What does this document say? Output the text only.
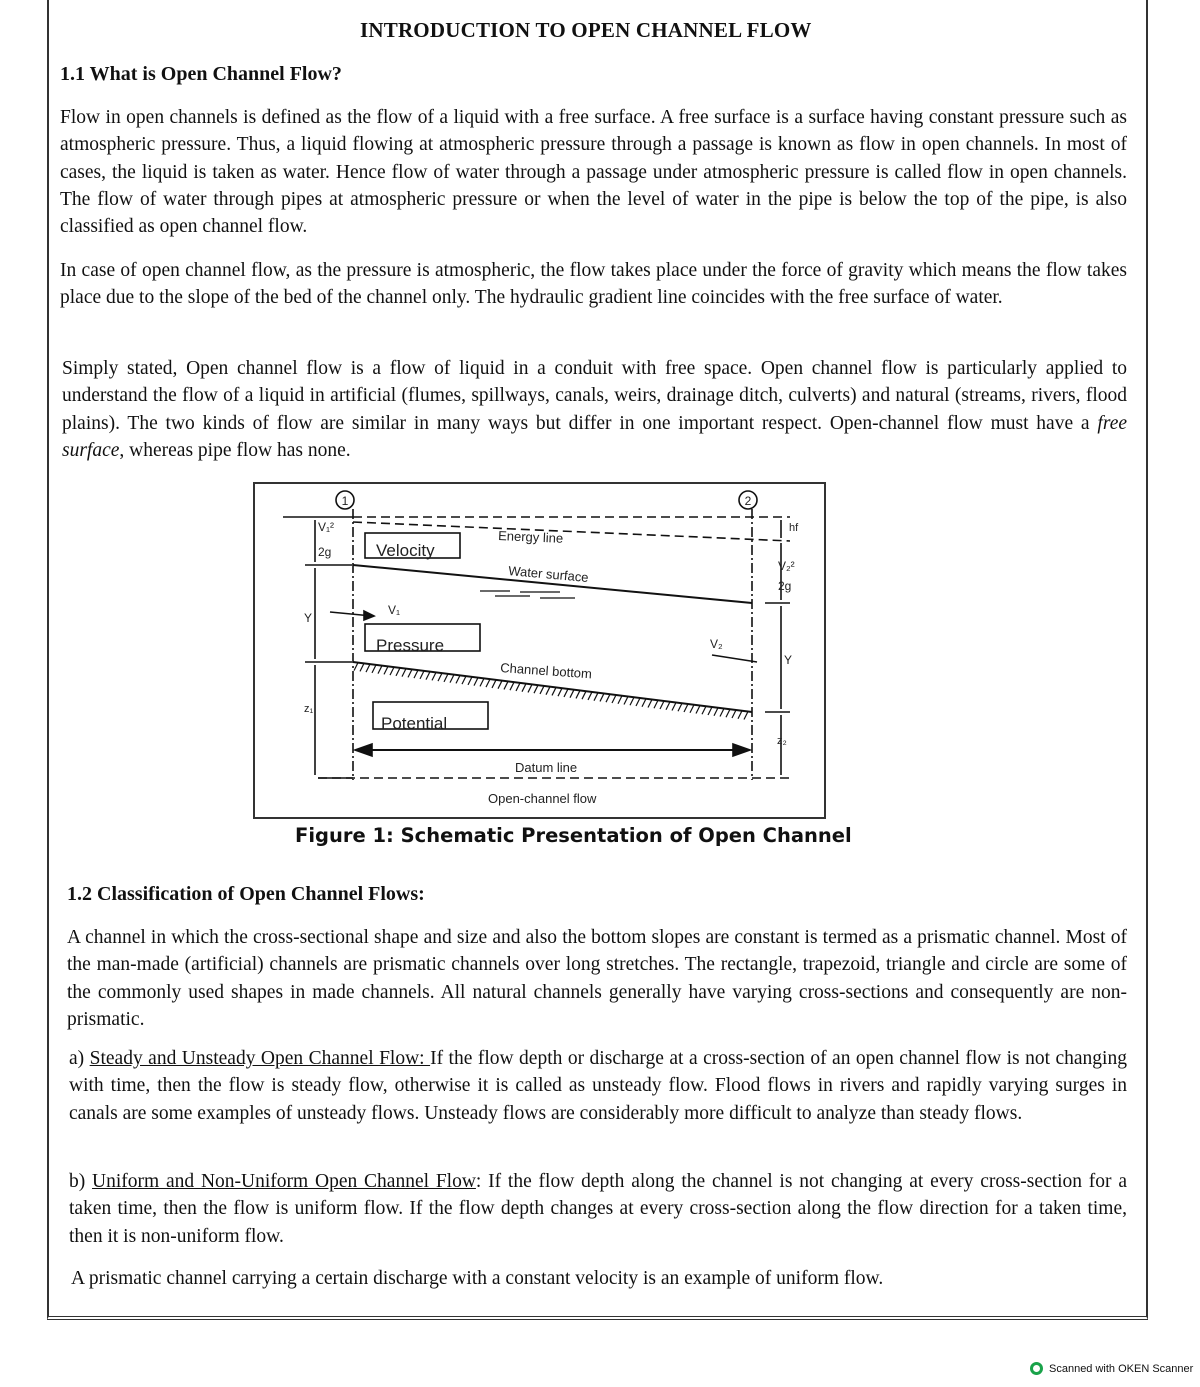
INTRODUCTION TO OPEN CHANNEL FLOW
1.1 What is Open Channel Flow?

Flow in open channels is defined as the flow of a liquid with a free surface. A free surface is a surface having constant pressure such as atmospheric pressure. Thus, a liquid flowing at atmospheric pressure through a passage is known as flow in open channels. In most of cases, the liquid is taken as water. Hence flow of water through a passage under atmospheric pressure is called flow in open channels. The flow of water through pipes at atmospheric pressure or when the level of water in the pipe is below the top of the pipe, is also classified as open channel flow.

In case of open channel flow, as the pressure is atmospheric, the flow takes place under the force of gravity which means the flow takes place due to the slope of the bed of the channel only. The hydraulic gradient line coincides with the free surface of water.

Simply stated, Open channel flow is a flow of liquid in a conduit with free space. Open channel flow is particularly applied to understand the flow of a liquid in artificial (flumes, spillways, canals, weirs, drainage ditch, culverts) and natural (streams, rivers, flood plains). The two kinds of flow are similar in many ways but differ in one important respect. Open-channel flow must have a free surface, whereas pipe flow has none.

1	2
V₁²
2g
V₂²
2g
hf
Y
Y
z₁
z₂
V₁
V₂
Velocity
Pressure
Potential
Energy line
Water surface
Channel bottom
Datum line
Open-channel flow
Figure 1: Schematic Presentation of Open Channel
1.2 Classification of Open Channel Flows:

A channel in which the cross-sectional shape and size and also the bottom slopes are constant is termed as a prismatic channel. Most of the man-made (artificial) channels are prismatic channels over long stretches. The rectangle, trapezoid, triangle and circle are some of the commonly used shapes in made channels. All natural channels generally have varying cross-sections and consequently are non-prismatic.

a) Steady and Unsteady Open Channel Flow: If the flow depth or discharge at a cross-section of an open channel flow is not changing with time, then the flow is steady flow, otherwise it is called as unsteady flow. Flood flows in rivers and rapidly varying surges in canals are some examples of unsteady flows. Unsteady flows are considerably more difficult to analyze than steady flows.

b) Uniform and Non-Uniform Open Channel Flow: If the flow depth along the channel is not changing at every cross-section for a taken time, then the flow is uniform flow. If the flow depth changes at every cross-section along the flow direction for a taken time, then it is non-uniform flow.

A prismatic channel carrying a certain discharge with a constant velocity is an example of uniform flow.

Scanned with OKEN Scanner
